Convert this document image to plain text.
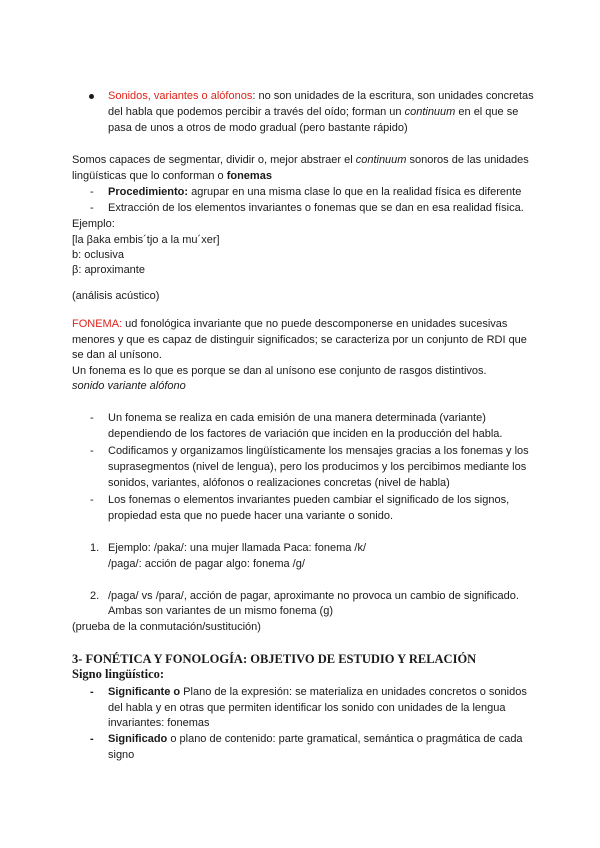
Sonidos, variantes o alófonos: no son unidades de la escritura, son unidades concretas
del habla que podemos percibir a través del oído; forman un continuum en el que se
pasa de unos a otros de modo gradual (pero bastante rápido)
Somos capaces de segmentar, dividir o, mejor abstraer el continuum sonoros de las unidades
lingüísticas que lo conforman o fonemas
- Procedimiento: agrupar en una misma clase lo que en la realidad física es diferente
- Extracción de los elementos invariantes o fonemas que se dan en esa realidad física.
Ejemplo:
[la βaka embis´tjo a la mu´xer]
b: oclusiva
β: aproximante
(análisis acústico)
FONEMA: ud fonológica invariante que no puede descomponerse en unidades sucesivas
menores y que es capaz de distinguir significados; se caracteriza por un conjunto de RDI que
se dan al unísono.
Un fonema es lo que es porque se dan al unísono ese conjunto de rasgos distintivos.
sonido variante alófono
- Un fonema se realiza en cada emisión de una manera determinada (variante)
dependiendo de los factores de variación que inciden en la producción del habla.
- Codificamos y organizamos lingüísticamente los mensajes gracias a los fonemas y los
suprasegmentos (nivel de lengua), pero los producimos y los percibimos mediante los
sonidos, variantes, alófonos o realizaciones concretas (nivel de habla)
- Los fonemas o elementos invariantes pueden cambiar el significado de los signos,
propiedad esta que no puede hacer una variante o sonido.
1. Ejemplo: /paka/: una mujer llamada Paca: fonema /k/
/paga/: acción de pagar algo: fonema /g/
2. /paga/ vs /para/, acción de pagar, aproximante no provoca un cambio de significado.
Ambas son variantes de un mismo fonema (g)
(prueba de la conmutación/sustitución)
3- FONÉTICA Y FONOLOGÍA: OBJETIVO DE ESTUDIO Y RELACIÓN
Signo lingüístico:
- Significante o Plano de la expresión: se materializa en unidades concretos o sonidos
del habla y en otras que permiten identificar los sonido con unidades de la lengua
invariantes: fonemas
- Significado o plano de contenido: parte gramatical, semántica o pragmática de cada
signo
